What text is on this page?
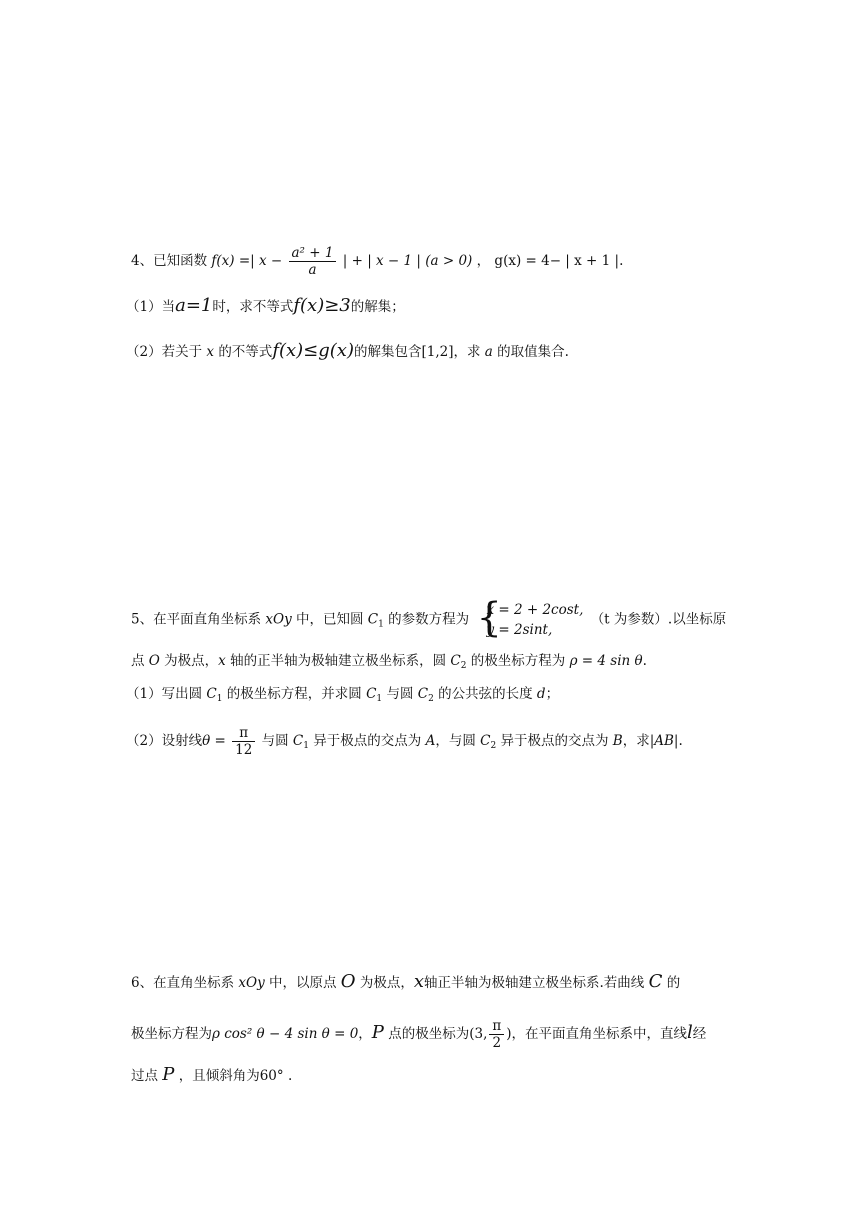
4、已知函数 f(x) =| $x - \frac{\text{a² + 1}}{a}$ | + | x − 1 | (a > 0) ， g(x) = 4− | x + 1 |.
（1）当a=1时，求不等式f(x)≥3的解集；
（2）若关于 x 的不等式f(x)≤g(x)的解集包含[1,2]，求 a 的取值集合.
5、在平面直角坐标系 xOy 中，已知圆 $C_1$ 的参数方程为 {
x = 2 + 2cost,
y = 2sint,
（t 为参数）.以坐标原
点 O 为极点，x 轴的正半轴为极轴建立极坐标系，圆 $C_2$ 的极坐标方程为 ρ = 4 sin θ.
（1）写出圆 $C_1$ 的极坐标方程，并求圆 $C_1$ 与圆 $C_2$ 的公共弦的长度 d；
（2）设射线$\theta = \frac{\pi}{12}$ 与圆 $C_1$ 异于极点的交点为 A，与圆 $C_2$ 异于极点的交点为 B，求|AB|.
6、在直角坐标系 xOy 中，以原点 O 为极点，x轴正半轴为极轴建立极坐标系.若曲线 C 的
极坐标方程为ρ cos² θ − 4 sin θ = 0，P 点的极坐标为(3, $\frac{\pi}{2}$ )，在平面直角坐标系中，直线l经
过点 P ，且倾斜角为60° .
